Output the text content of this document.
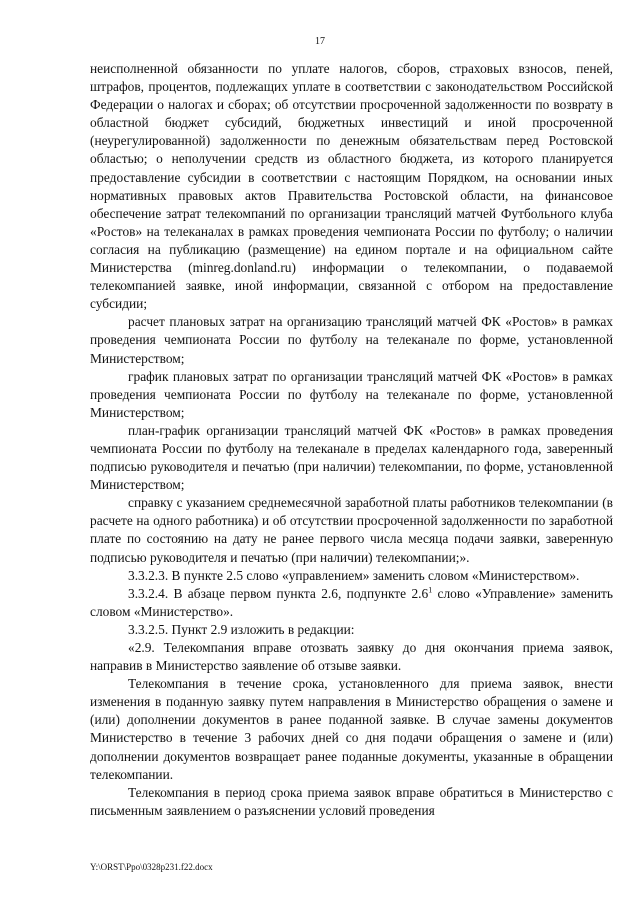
17

неисполненной обязанности по уплате налогов, сборов, страховых взносов, пеней, штрафов, процентов, подлежащих уплате в соответствии с законодательством Российской Федерации о налогах и сборах; об отсутствии просроченной задолженности по возврату в областной бюджет субсидий, бюджетных инвестиций и иной просроченной (неурегулированной) задолженности по денежным обязательствам перед Ростовской областью; о неполучении средств из областного бюджета, из которого планируется предоставление субсидии в соответствии с настоящим Порядком, на основании иных нормативных правовых актов Правительства Ростовской области, на финансовое обеспечение затрат телекомпаний по организации трансляций матчей Футбольного клуба «Ростов» на телеканалах в рамках проведения чемпионата России по футболу; о наличии согласия на публикацию (размещение) на едином портале и на официальном сайте Министерства (minreg.donland.ru) информации о телекомпании, о подаваемой телекомпанией заявке, иной информации, связанной с отбором на предоставление субсидии;

расчет плановых затрат на организацию трансляций матчей ФК «Ростов» в рамках проведения чемпионата России по футболу на телеканале по форме, установленной Министерством;

график плановых затрат по организации трансляций матчей ФК «Ростов» в рамках проведения чемпионата России по футболу на телеканале по форме, установленной Министерством;

план-график организации трансляций матчей ФК «Ростов» в рамках проведения чемпионата России по футболу на телеканале в пределах календарного года, заверенный подписью руководителя и печатью (при наличии) телекомпании, по форме, установленной Министерством;

справку с указанием среднемесячной заработной платы работников телекомпании (в расчете на одного работника) и об отсутствии просроченной задолженности по заработной плате по состоянию на дату не ранее первого числа месяца подачи заявки, заверенную подписью руководителя и печатью (при наличии) телекомпании;».

3.3.2.3. В пункте 2.5 слово «управлением» заменить словом «Министерством».

3.3.2.4. В абзаце первом пункта 2.6, подпункте $2.6^1$ слово «Управление» заменить словом «Министерство».

3.3.2.5. Пункт 2.9 изложить в редакции:

«2.9. Телекомпания вправе отозвать заявку до дня окончания приема заявок, направив в Министерство заявление об отзыве заявки.

Телекомпания в течение срока, установленного для приема заявок, внести изменения в поданную заявку путем направления в Министерство обращения о замене и (или) дополнении документов в ранее поданной заявке. В случае замены документов Министерство в течение 3 рабочих дней со дня подачи обращения о замене и (или) дополнении документов возвращает ранее поданные документы, указанные в обращении телекомпании.

Телекомпания в период срока приема заявок вправе обратиться в Министерство с письменным заявлением о разъяснении условий проведения

Y:\ORST\Ppo\0328p231.f22.docx
